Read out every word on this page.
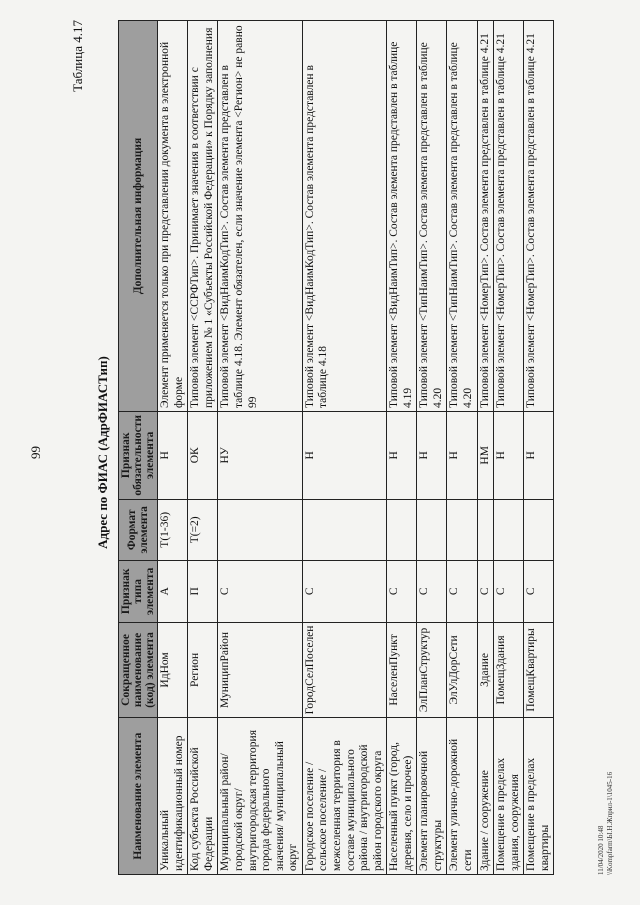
99
Таблица 4.17
Адрес по ФИАС (АдрФИАСТип)
Наименование элемента	Сокращенное наименование (код) элемента	Признак типа элемента	Формат элемента	Признак обязательности элемента	Дополнительная информация
Уникальный идентификационный номер	ИдНом	А	T(1-36)	Н	Элемент применяется только при представлении документа в электронной форме
Код субъекта Российской Федерации	Регион	П	T(=2)	ОК	Типовой элемент <ССРФТип>. Принимает значения в соответствии с приложением № 1 «Субъекты Российской Федерации» к Порядку заполнения
Муниципальный район/ городской округ/ внутригородская территория города федерального значения/ муниципальный округ	МуниципРайон	С		НУ	Типовой элемент <ВидНаимКодТип>. Состав элемента представлен в таблице 4.18. Элемент обязателен, если значение элемента <Регион> не равно 99
Городское поселение / сельское поселение / межселенная территория в составе муниципального района / внутригородской район городского округа	ГородСелПоселен	С		Н	Типовой элемент <ВидНаимКодТип>. Состав элемента представлен в таблице 4.18
Населенный пункт (город, деревня, село и прочее)	НаселенПункт	С		Н	Типовой элемент <ВидНаимТип>. Состав элемента представлен в таблице 4.19
Элемент планировочной структуры	ЭлПланСтруктур	С		Н	Типовой элемент <ТипНаимТип>. Состав элемента представлен в таблице 4.20
Элемент улично-дорожной сети	ЭлУлДорСети	С		Н	Типовой элемент <ТипНаимТип>. Состав элемента представлен в таблице 4.20
Здание / сооружение	Здание	С		НМ	Типовой элемент <НомерТип>. Состав элемента представлен в таблице 4.21
Помещение в пределах здания, сооружения	ПомещЗдания	С		Н	Типовой элемент <НомерТип>. Состав элемента представлен в таблице 4.21
Помещение в пределах квартиры	ПомещКвартиры	С		Н	Типовой элемент <НомерТип>. Состав элемента представлен в таблице 4.21
11/04/2020 10:48 \\Kompfarm\Ы.Н.Жприл-1\1045-16
